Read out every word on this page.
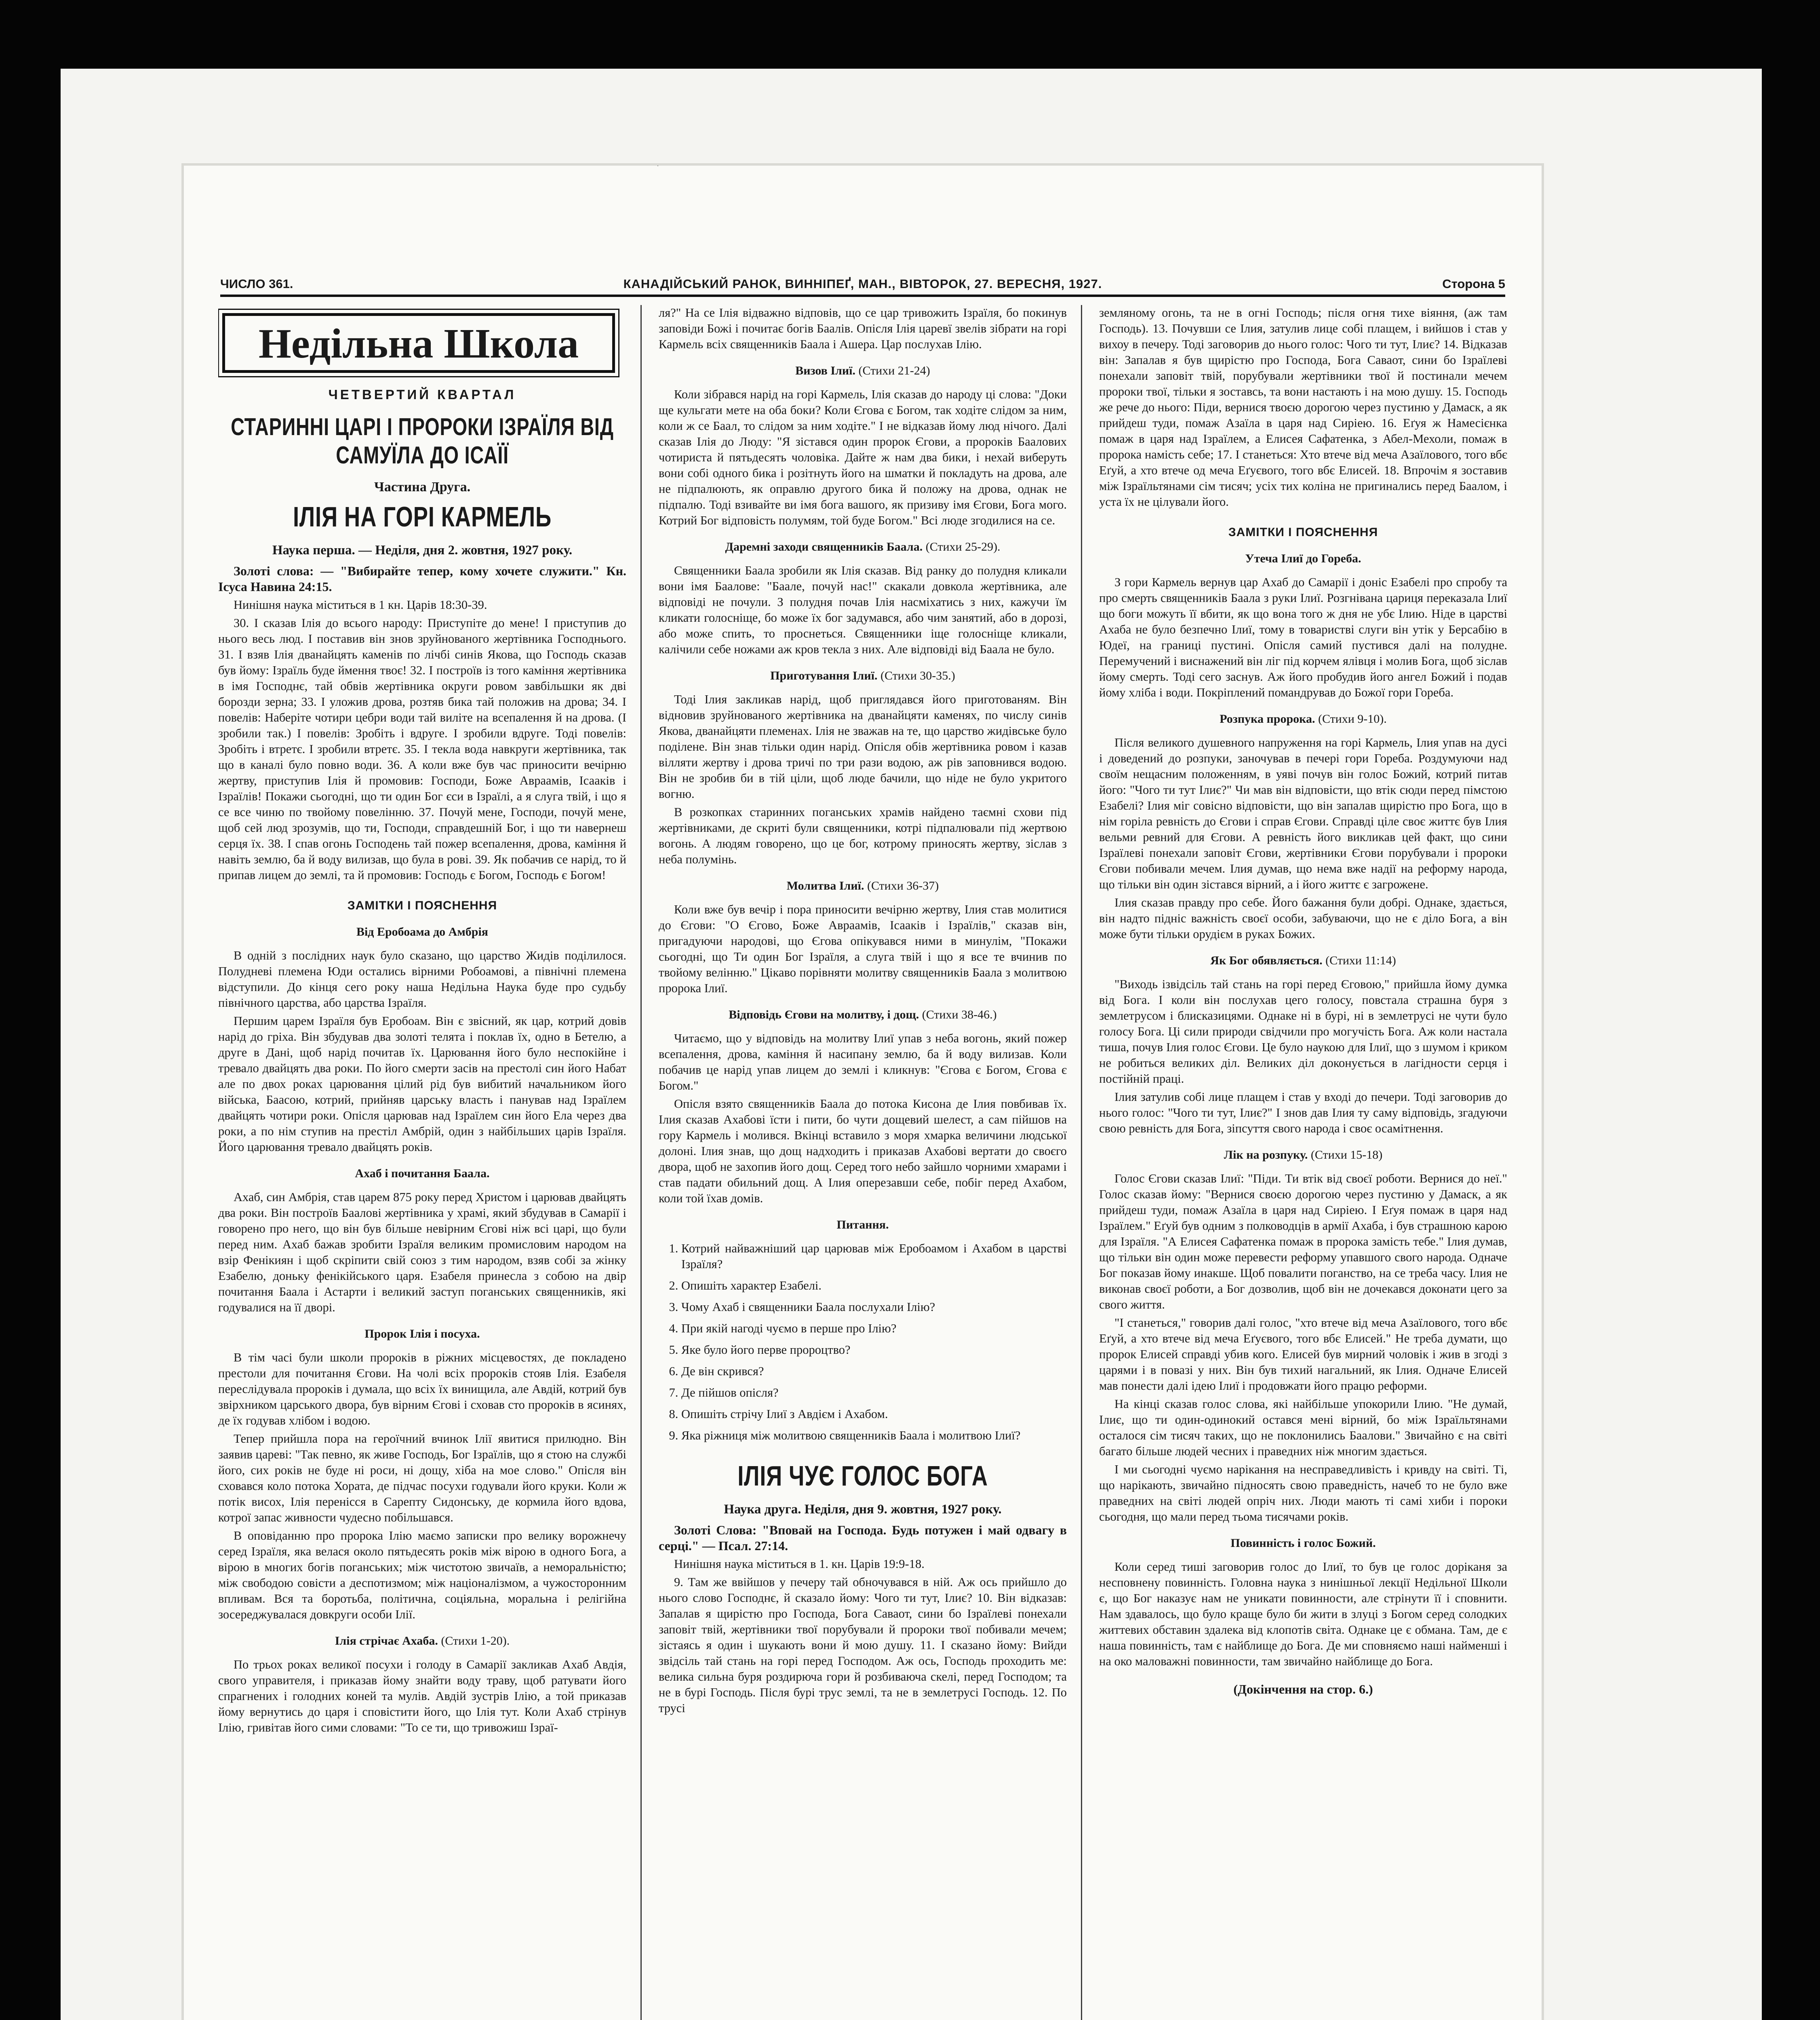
ЧИСЛО 361.	КАНАДІЙСЬКИЙ РАНОК, ВИННІПЕҐ, МАН., ВІВТОРОК, 27. ВЕРЕСНЯ, 1927.	Сторона 5
Недільна Школа
ЧЕТВЕРТИЙ КВАРТАЛ
СТАРИННІ ЦАРІ І ПРОРОКИ ІЗРАЇЛЯ ВІД САМУЇЛА ДО ІСАЇЇ
Частина Друга.
ІЛІЯ НА ГОРІ КАРМЕЛЬ
Наука перша. — Неділя, дня 2. жовтня, 1927 року.

Золоті слова: — "Вибирайте тепер, кому хочете служити." Кн. Ісуса Навина 24:15.

Нинішня наука міститься в 1 кн. Царів 18:30-39.

30. І сказав Ілія до всього народу: Приступіте до мене! І приступив до нього весь люд. І поставив він знов зруйнованого жертівника Господнього. 31. І взяв Ілія дванайцять каменів по лічбі синів Якова, що Господь сказав був йому: Ізраїль буде ймення твоє! 32. І построїв із того каміння жертівника в імя Господнє, тай обвів жертівника округи ровом завбільшки як дві борозди зерна; 33. І уложив дрова, розтяв бика тай положив на дрова; 34. І повелів: Наберіте чотири цебри води тай виліте на всепалення й на дрова. (І зробили так.) І повелів: Зробіть і вдруге. І зробили вдруге. Тоді повелів: Зробіть і втретє. І зробили втретє. 35. І текла вода навкруги жертівника, так що в каналі було повно води. 36. А коли вже був час приносити вечірню жертву, приступив Ілія й промовив: Господи, Боже Авраамів, Ісааків і Ізраїлів! Покажи сьогодні, що ти один Бог єси в Ізраїлі, а я слуга твій, і що я се все чиню по твойому повелінню. 37. Почуй мене, Господи, почуй мене, щоб сей люд зрозумів, що ти, Господи, справдешній Бог, і що ти навернеш серця їх. 38. І спав огонь Господень тай пожер всепалення, дрова, каміння й навіть землю, ба й воду вилизав, що була в рові. 39. Як побачив се нарід, то й припав лицем до землі, та й промовив: Господь є Богом, Господь є Богом!

ЗАМІТКИ І ПОЯСНЕННЯ
Від Еробоама до Амбрія

В одній з послідних наук було сказано, що царство Жидів поділилося. Полудневі племена Юди остались вірними Робоамові, а північні племена відступили. До кінця сего року наша Недільна Наука буде про судьбу північного царства, або царства Ізраїля.

Першим царем Ізраїля був Еробоам. Він є звісний, як цар, котрий довів нарід до гріха. Він збудував два золоті телята і поклав їх, одно в Бетелю, а друге в Дані, щоб нарід почитав їх. Царювання його було неспокійне і тревало двайцять два роки. По його смерти засів на престолі син його Набат але по двох роках царювання цілий рід був вибитий начальником його війська, Баасою, котрий, прийняв царську власть і панував над Ізраїлем двайцять чотири роки. Опісля царював над Ізраїлем син його Ела через два роки, а по нім ступив на престіл Амбрій, один з найбільших царів Ізраїля. Його царювання тревало двайцять років.

Ахаб і почитання Баала.

Ахаб, син Амбрія, став царем 875 року перед Христом і царював двайцять два роки. Він построїв Баалові жертівника у храмі, який збудував в Самарії і говорено про него, що він був більше невірним Єгові ніж всі царі, що були перед ним. Ахаб бажав зробити Ізраїля великим промисловим народом на взір Фенікиян і щоб скріпити свій союз з тим народом, взяв собі за жінку Езабелю, доньку фенікійського царя. Езабеля принесла з собою на двір почитання Баала і Астарти і великий заступ поганських священників, які годувалися на її дворі.

Пророк Ілія і посуха.

В тім часі були школи пророків в ріжних місцевостях, де покладено престоли для почитання Єгови. На чолі всіх пророків стояв Ілія. Езабеля переслідувала пророків і думала, що всіх їх винищила, але Авдій, котрий був звірхником царського двора, був вірним Єгові і сховав сто пророків в ясинях, де їх годував хлібом і водою.

Тепер прийшла пора на героїчний вчинок Ілії явитися прилюдно. Він заявив цареві: "Так певно, як живе Господь, Бог Ізраїлів, що я стою на службі його, сих років не буде ні роси, ні дощу, хіба на мое слово." Опісля він сховався коло потока Хората, де підчас посухи годували його круки. Коли ж потік висох, Ілія перенісся в Сарепту Сидонську, де кормила його вдова, котрої запас живности чудесно побільшався.

В оповіданню про пророка Ілію маємо записки про велику ворожнечу серед Ізраїля, яка велася около пятьдесять років між вірою в одного Бога, а вірою в многих богів поганських; між чистотою звичаїв, а неморальністю; між свободою совісти а деспотизмом; між націоналізмом, а чужосторонним впливам. Вся та боротьба, політична, соціяльна, моральна і релігійна зосереджувалася довкруги особи Ілії.

Ілія стрічає Ахаба. (Стихи 1-20).

По трьох роках великої посухи і голоду в Самарії закликав Ахаб Авдія, свого управителя, і приказав йому знайти воду траву, щоб ратувати його спрагнених і голодних коней та мулів. Авдій зустрів Ілію, а той приказав йому вернутись до царя і сповістити його, що Ілія тут. Коли Ахаб стрінув Ілію, гривітав його сими словами: "То се ти, що тривожиш Ізраї-

ля?" На се Ілія відважно відповів, що се цар тривожить Ізраїля, бо покинув заповіди Божі і почитає богів Баалів. Опісля Ілія царевї звелів зібрати на горі Кармель всіх священників Баала і Ашера. Цар послухав Ілію.

Визов Ілиї. (Стихи 21-24)

Коли зібрався нарід на горі Кармель, Ілія сказав до народу ці слова: "Доки ще кульгати мете на оба боки? Коли Єгова є Богом, так ходіте слідом за ним, коли ж се Баал, то слідом за ним ходіте." І не відказав йому люд нічого. Далі сказав Ілія до Люду: "Я зістався один пророк Єгови, а пророків Баалових чотириста й пятьдесять чоловіка. Дайте ж нам два бики, і нехай виберуть вони собі одного бика і розітнуть його на шматки й покладуть на дрова, але не підпалюють, як оправлю другого бика й положу на дрова, однак не підпалю. Тоді взивайте ви імя бога вашого, як призиву імя Єгови, Бога мого. Котрий Бог відповість полумям, той буде Богом." Всі люде згодилися на се.

Даремні заходи священників Баала. (Стихи 25-29).

Священники Баала зробили як Ілія сказав. Від ранку до полудня кликали вони імя Баалове: "Баале, почуй нас!" скакали довкола жертівника, але відповіді не почули. З полудня почав Ілія насміхатись з них, кажучи їм кликати голосніще, бо може їх бог задумався, або чим занятий, або в дорозі, або може спить, то проснеться. Священники іще голосніще кликали, калічили себе ножами аж кров текла з них. Але відповіді від Баала не було.

Приготування Ілиї. (Стихи 30-35.)

Тоді Ілия закликав нарід, щоб приглядався його приготованям. Він відновив зруйнованого жертівника на дванайцяти каменях, по числу синів Якова, дванайцяти племенах. Ілія не зважав на те, що царство жидівське було поділене. Він знав тільки один нарід. Опісля обів жертівника ровом і казав вілляти жертву і дрова тричі по три рази водою, аж рів заповнився водою. Він не зробив би в тій ціли, щоб люде бачили, що ніде не було укритого вогню.

В розкопках старинних поганських храмів найдено таємні схови під жертівниками, де скриті були священники, котрі підпалювали під жертвою вогонь. А людям говорено, що це бог, котрому приносять жертву, зіслав з неба полумінь.

Молитва Ілиї. (Стихи 36-37)

Коли вже був вечір і пора приносити вечірню жертву, Ілия став молитися до Єгови: "О Єгово, Боже Авраамів, Ісааків і Ізраїлів," сказав він, пригадуючи народові, що Єгова опікувався ними в минулім, "Покажи сьогодні, що Ти один Бог Ізраїля, а слуга твій і що я все те вчинив по твойому велінню." Цікаво порівняти молитву священників Баала з молитвою пророка Ілиї.

Відповідь Єгови на молитву, і дощ. (Стихи 38-46.)

Читаємо, що у відповідь на молитву Ілиї упав з неба вогонь, який пожер всепалення, дрова, каміння й насипану землю, ба й воду вилизав. Коли побачив це нарід упав лицем до землі і кликнув: "Єгова є Богом, Єгова є Богом."

Опісля взято священників Баала до потока Кисона де Ілия повбивав їх. Ілия сказав Ахабові їсти і пити, бо чути дощевий шелест, а сам пійшов на гору Кармель і молився. Вкінці вставило з моря хмарка величини людської долоні. Ілия знав, що дощ надходить і приказав Ахабові вертати до своєго двора, щоб не захопив його дощ. Серед того небо зайшло чорними хмарами і став падати обильний дощ. А Ілия оперезавши себе, побіг перед Ахабом, коли той їхав домів.

Питання.
1. Котрий найважніший цар царював між Еробоамом і Ахабом в царстві Ізраїля?
2. Опишіть характер Езабелі.
3. Чому Ахаб і священники Баала послухали Ілію?
4. При якій нагоді чуємо в перше про Ілію?
5. Яке було його перве пророцтво?
6. Де він скрився?
7. Де пійшов опісля?
8. Опишіть стрічу Ілиї з Авдієм і Ахабом.
9. Яка ріжниця між молитвою священників Баала і молитвою Ілиї?
ІЛІЯ ЧУЄ ГОЛОС БОГА
Наука друга. Неділя, дня 9. жовтня, 1927 року.

Золоті Слова: "Вповай на Господа. Будь потужен і май одвагу в серці." — Псал. 27:14.

Нинішня наука міститься в 1. кн. Царів 19:9-18.

9. Там же ввійшов у печеру тай обночувався в ній. Аж ось прийшло до нього слово Господнє, й сказало йому: Чого ти тут, Ілиє? 10. Він відказав: Запалав я щирістю про Господа, Бога Саваот, сини бо Ізраїлеві понехали заповіт твій, жертівники твої порубували й пророки твої побивали мечем; зістаясь я один і шукають вони й мою душу. 11. І сказано йому: Вийди звідсіль тай стань на горі перед Господом. Аж ось, Господь проходить ме: велика сильна буря роздирюча гори й розбиваюча скелі, перед Господом; та не в бурі Господь. Після бурі трус землі, та не в землетрусі Господь. 12. По трусі

земляному огонь, та не в огні Господь; після огня тихе віяння, (аж там Господь). 13. Почувши се Ілия, затулив лице собі плащем, і вийшов і став у вихоу в печеру. Тоді заговорив до нього голос: Чого ти тут, Ілиє? 14. Відказав він: Запалав я був щирістю про Господа, Бога Саваот, сини бо Ізраїлеві понехали заповіт твій, порубували жертівники твої й постинали мечем пророки твої, тільки я зоставсь, та вони настають і на мою душу. 15. Господь же рече до нього: Піди, вернися твоєю дорогою через пустиню у Дамаск, а як прийдеш туди, помаж Азаїла в царя над Сиріею. 16. Еґуя ж Намесієнка помаж в царя над Ізраїлем, а Елисея Сафатенка, з Абел-Мехоли, помаж в пророка намість себе; 17. І станеться: Хто втече від меча Азаїлового, того вбє Еґуй, а хто втече од меча Еґуєвого, того вбє Елисей. 18. Впрочім я зоставив між Ізраїльтянами сім тисяч; усіх тих колінa не пригинались перед Баалом, і уста їх не цілували його.

ЗАМІТКИ І ПОЯСНЕННЯ
Утеча Ілиї до Гореба.

З гори Кармель вернув цар Ахаб до Самарії і доніс Езабелі про спробу та про смерть священників Баала з руки Ілиї. Розгнівана цариця переказала Ілиї що боги можуть її вбити, як що вона того ж дня не убє Ілию. Ніде в царстві Ахаба не було безпечно Ілиї, тому в товаристві слуги він утік у Берсабію в Юдеї, на границі пустині. Опісля самий пустився далі на полудне. Перемучений і виснажений він ліг під корчем ялівця і молив Бога, щоб зіслав йому смерть. Тоді сего заснув. Аж його пробудив його ангел Божий і подав йому хліба і води. Покріплений помандрував до Божої гори Гореба.

Розпука пророка. (Стихи 9-10).

Після великого душевного напруження на горі Кармель, Ілия упав на дусі і доведений до розпуки, заночував в печері гори Гореба. Роздумуючи над своїм нещасним положенням, в уяві почув він голос Божий, котрий питав його: "Чого ти тут Ілиє?" Чи мав він відповісти, що втік сюди перед пімстою Езабелі? Ілия міг совісно відповісти, що він запалав щирістю про Бога, що в нім горіла ревність до Єгови і справ Єгови. Справді ціле своє життє був Ілия вельми ревний для Єгови. А ревність його викликав цей факт, що сини Ізраїлеві понехали заповіт Єгови, жертівники Єгови порубували і пророки Єгови побивали мечем. Ілия думав, що нема вже надії на реформу народа, що тільки він один зістався вірний, а і його життє є загрожене.

Ілия сказав правду про себе. Його бажання були добрі. Однаке, здається, він надто підніс важність своєї особи, забуваючи, що не є діло Бога, а він може бути тільки орудієм в руках Божих.

Як Бог обявляється. (Стихи 11:14)

"Виходь ізвідсіль тай стань на горі перед Єговою," прийшла йому думка від Бога. І коли він послухав цего голосу, повстала страшна буря з землетрусом і блисказицями. Однаке ні в бурі, ні в землетрусі не чути було голосу Бога. Ці сили природи свідчили про могучість Бога. Аж коли настала тиша, почув Ілия голос Єгови. Це було наукою для Ілиї, що з шумом і криком не робиться великих діл. Великих діл доконується в лагідности серця і постійній праці.

Ілия затулив собі лице плащем і став у вході до печери. Тоді заговорив до нього голос: "Чого ти тут, Ілиє?" І знов дав Ілия ту саму відповідь, згадуючи свою ревність для Бога, зіпсуття свого народа і своє осамітнення.

Лік на розпуку. (Стихи 15-18)

Голос Єгови сказав Ілиї: "Піди. Ти втік від своєї роботи. Вернися до неї." Голос сказав йому: "Вернися своєю дорогою через пустиню у Дамаск, а як прийдеш туди, помаж Азаїла в царя над Сиріею. І Еґуя помаж в царя над Ізраїлем." Еґуй був одним з полководців в армії Ахаба, і був страшною карою для Ізраїля. "А Елисея Сафатенка помаж в пророка замість тебе." Ілия думав, що тільки він один може перевести реформу упавшого свого народа. Одначе Бог показав йому инакше. Щоб повалити поганство, на се треба часу. Ілия не виконав своєї роботи, а Бог дозволив, щоб він не дочекався доконати цего за свого життя.

"І станеться," говорив далі голос, "хто втече від меча Азаїлового, того вбє Еґуй, а хто втече від меча Еґуєвого, того вбє Елисей." Не треба думати, що пророк Елисей справді убив кого. Елисей був мирний чоловік і жив в згоді з царями і в повазі у них. Він був тихий нагальний, як Ілия. Одначе Елисей мав понести далі ідею Ілиї і продовжати його працю реформи.

На кінці сказав голос слова, які найбільше упокорили Ілию. "Не думай, Ілиє, що ти один-одинокий остався мені вірний, бо між Ізраїльтянами осталося сім тисяч таких, що не поклонились Баалови." Звичайно є на світі багато більше людей чесних і праведних ніж многим здається.

І ми сьогодні чуємо нарікання на несправедливість і кривду на світі. Ті, що нарікають, звичайно підносять свою праведність, начеб то не було вже праведних на світі людей опріч них. Люди мають ті самі хиби і пороки сьогодня, що мали перед тьома тисячами років.

Повинність і голос Божий.

Коли серед тиші заговорив голос до Ілиї, то був це голос доріканя за несповнену повинність. Головна наука з нинішньої лекції Недільної Школи є, що Бог наказує нам не уникати повинности, але стрінути її і сповнити. Нам здавалось, що було краще було би жити в злуці з Богом серед солодких життевих обставин здалека від клопотів світа. Однаке це є обмана. Там, де є наша повинність, там є найблище до Бога. Де ми сповняємо наші найменші і на око маловажні повинности, там звичайно найблище до Бога.

(Докінчення на стор. 6.)
